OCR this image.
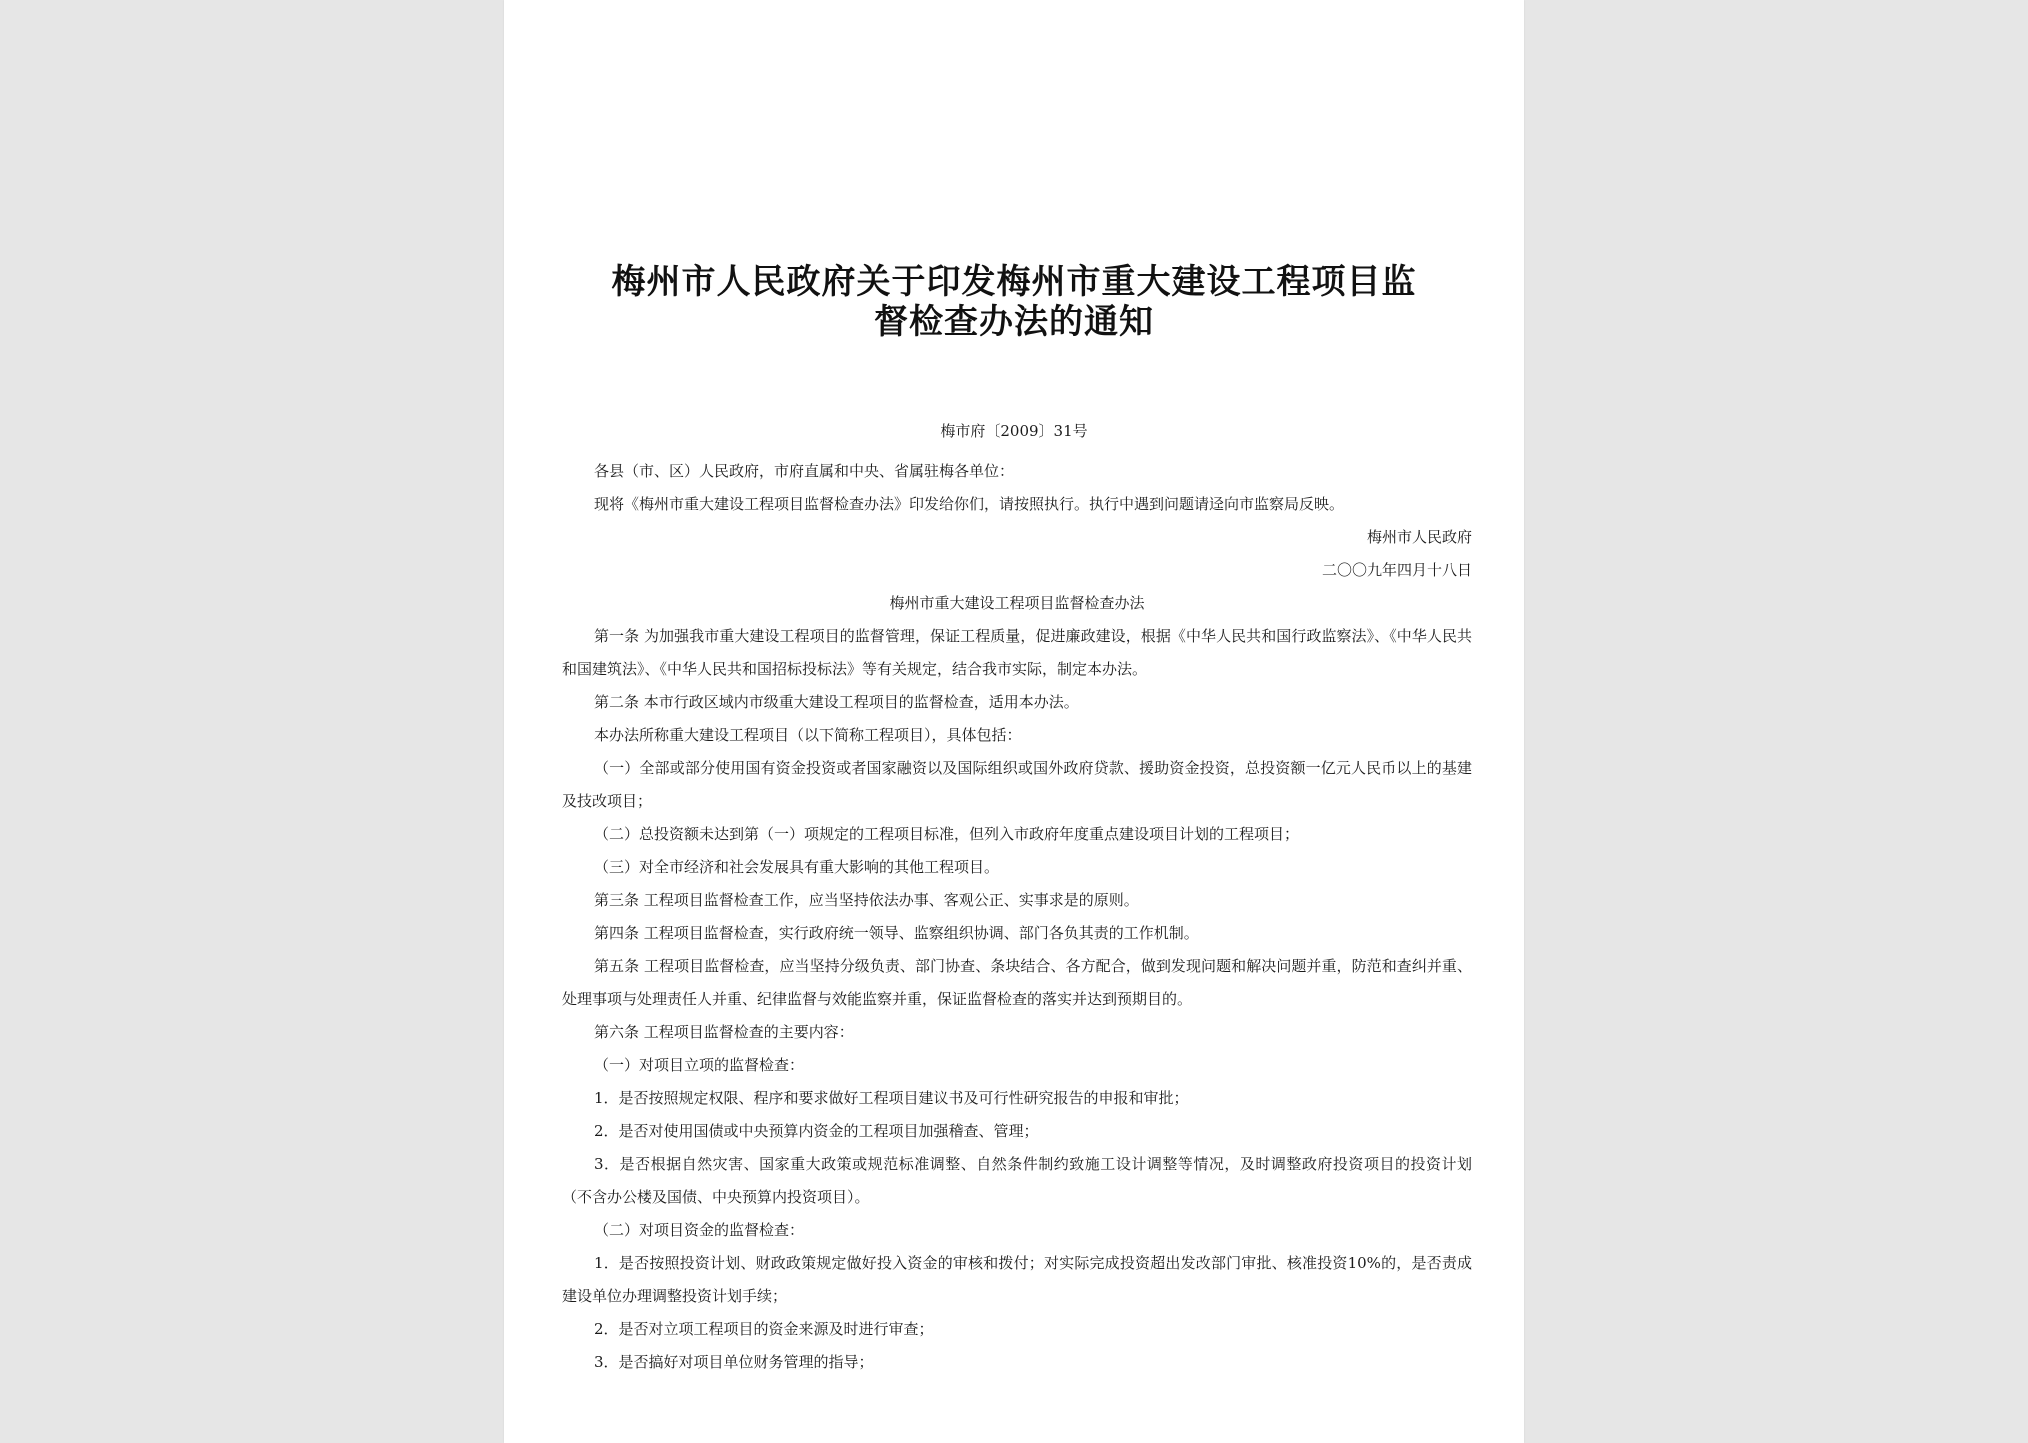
梅州市人民政府关于印发梅州市重大建设工程项目监
督检查办法的通知
梅市府〔2009〕31号

各县（市、区）人民政府，市府直属和中央、省属驻梅各单位：

现将《梅州市重大建设工程项目监督检查办法》印发给你们，请按照执行。执行中遇到问题请迳向市监察局反映。

梅州市人民政府

二〇〇九年四月十八日

梅州市重大建设工程项目监督检查办法

第一条 为加强我市重大建设工程项目的监督管理，保证工程质量，促进廉政建设，根据《中华人民共和国行政监察法》、《中华人民共和国建筑法》、《中华人民共和国招标投标法》等有关规定，结合我市实际，制定本办法。

第二条 本市行政区域内市级重大建设工程项目的监督检查，适用本办法。

本办法所称重大建设工程项目（以下简称工程项目），具体包括：

（一）全部或部分使用国有资金投资或者国家融资以及国际组织或国外政府贷款、援助资金投资，总投资额一亿元人民币以上的基建及技改项目；

（二）总投资额未达到第（一）项规定的工程项目标准，但列入市政府年度重点建设项目计划的工程项目；

（三）对全市经济和社会发展具有重大影响的其他工程项目。

第三条 工程项目监督检查工作，应当坚持依法办事、客观公正、实事求是的原则。

第四条 工程项目监督检查，实行政府统一领导、监察组织协调、部门各负其责的工作机制。

第五条 工程项目监督检查，应当坚持分级负责、部门协查、条块结合、各方配合，做到发现问题和解决问题并重，防范和查纠并重、处理事项与处理责任人并重、纪律监督与效能监察并重，保证监督检查的落实并达到预期目的。

第六条 工程项目监督检查的主要内容：

（一）对项目立项的监督检查：

1．是否按照规定权限、程序和要求做好工程项目建议书及可行性研究报告的申报和审批；

2．是否对使用国债或中央预算内资金的工程项目加强稽查、管理；

3．是否根据自然灾害、国家重大政策或规范标准调整、自然条件制约致施工设计调整等情况，及时调整政府投资项目的投资计划（不含办公楼及国债、中央预算内投资项目）。

（二）对项目资金的监督检查：

1．是否按照投资计划、财政政策规定做好投入资金的审核和拨付；对实际完成投资超出发改部门审批、核准投资10%的，是否责成建设单位办理调整投资计划手续；

2．是否对立项工程项目的资金来源及时进行审查；

3．是否搞好对项目单位财务管理的指导；
